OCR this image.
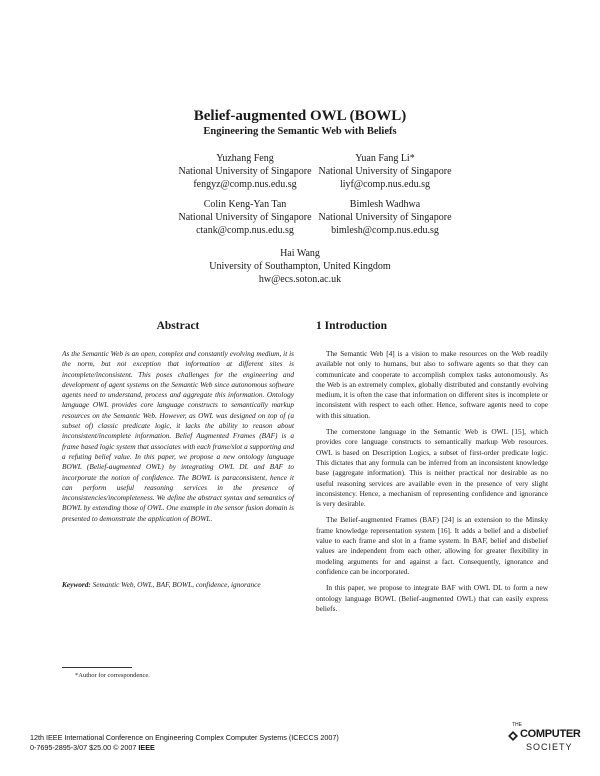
Belief-augmented OWL (BOWL)
Engineering the Semantic Web with Beliefs
Yuzhang Feng
National University of Singapore
fengyz@comp.nus.edu.sg
Yuan Fang Li*
National University of Singapore
liyf@comp.nus.edu.sg
Colin Keng-Yan Tan
National University of Singapore
ctank@comp.nus.edu.sg
Bimlesh Wadhwa
National University of Singapore
bimlesh@comp.nus.edu.sg
Hai Wang
University of Southampton, United Kingdom
hw@ecs.soton.ac.uk
Abstract

As the Semantic Web is an open, complex and constantly evolving medium, it is the norm, but not exception that information at different sites is incomplete/inconsistent. This poses challenges for the engineering and development of agent systems on the Semantic Web since autonomous software agents need to understand, process and aggregate this information. Ontology language OWL provides core language constructs to semantically markup resources on the Semantic Web. However, as OWL was designed on top of (a subset of) classic predicate logic, it lacks the ability to reason about inconsistent/incomplete information. Belief Augmented Frames (BAF) is a frame based logic system that associates with each frame/slot a supporting and a refuting belief value. In this paper, we propose a new ontology language BOWL (Belief-augmented OWL) by integrating OWL DL and BAF to incorporate the notion of confidence. The BOWL is paraconsistent, hence it can perform useful reasoning services in the presence of inconsistencies/incompleteness. We define the abstract syntax and semantics of BOWL by extending those of OWL. One example in the sensor fusion domain is presented to demonstrate the application of BOWL.

Keyword: Semantic Web, OWL, BAF, BOWL, confidence, ignorance
*Author for correspondence.
1 Introduction

The Semantic Web [4] is a vision to make resources on the Web readily available not only to humans, but also to software agents so that they can communicate and cooperate to accomplish complex tasks autonomously. As the Web is an extremely complex, globally distributed and constantly evolving medium, it is often the case that information on different sites is incomplete or inconsistent with respect to each other. Hence, software agents need to cope with this situation.

The cornerstone language in the Semantic Web is OWL [15], which provides core language constructs to semantically markup Web resources. OWL is based on Description Logics, a subset of first-order predicate logic. This dictates that any formula can be inferred from an inconsistent knowledge base (aggregate information). This is neither practical nor desirable as no useful reasoning services are available even in the presence of very slight inconsistency. Hence, a mechanism of representing confidence and ignorance is very desirable.

The Belief-augmented Frames (BAF) [24] is an extension to the Minsky frame knowledge representation system [16]. It adds a belief and a disbelief value to each frame and slot in a frame system. In BAF, belief and disbelief values are independent from each other, allowing for greater flexibility in modeling arguments for and against a fact. Consequently, ignorance and confidence can be incorporated.

In this paper, we propose to integrate BAF with OWL DL to form a new ontology language BOWL (Belief-augmented OWL) that can easily express beliefs.

12th IEEE International Conference on Engineering Complex Computer Systems (ICECCS 2007)
0-7695-2895-3/07 $25.00 © 2007 IEEE
THE
COMPUTER
SOCIETY
